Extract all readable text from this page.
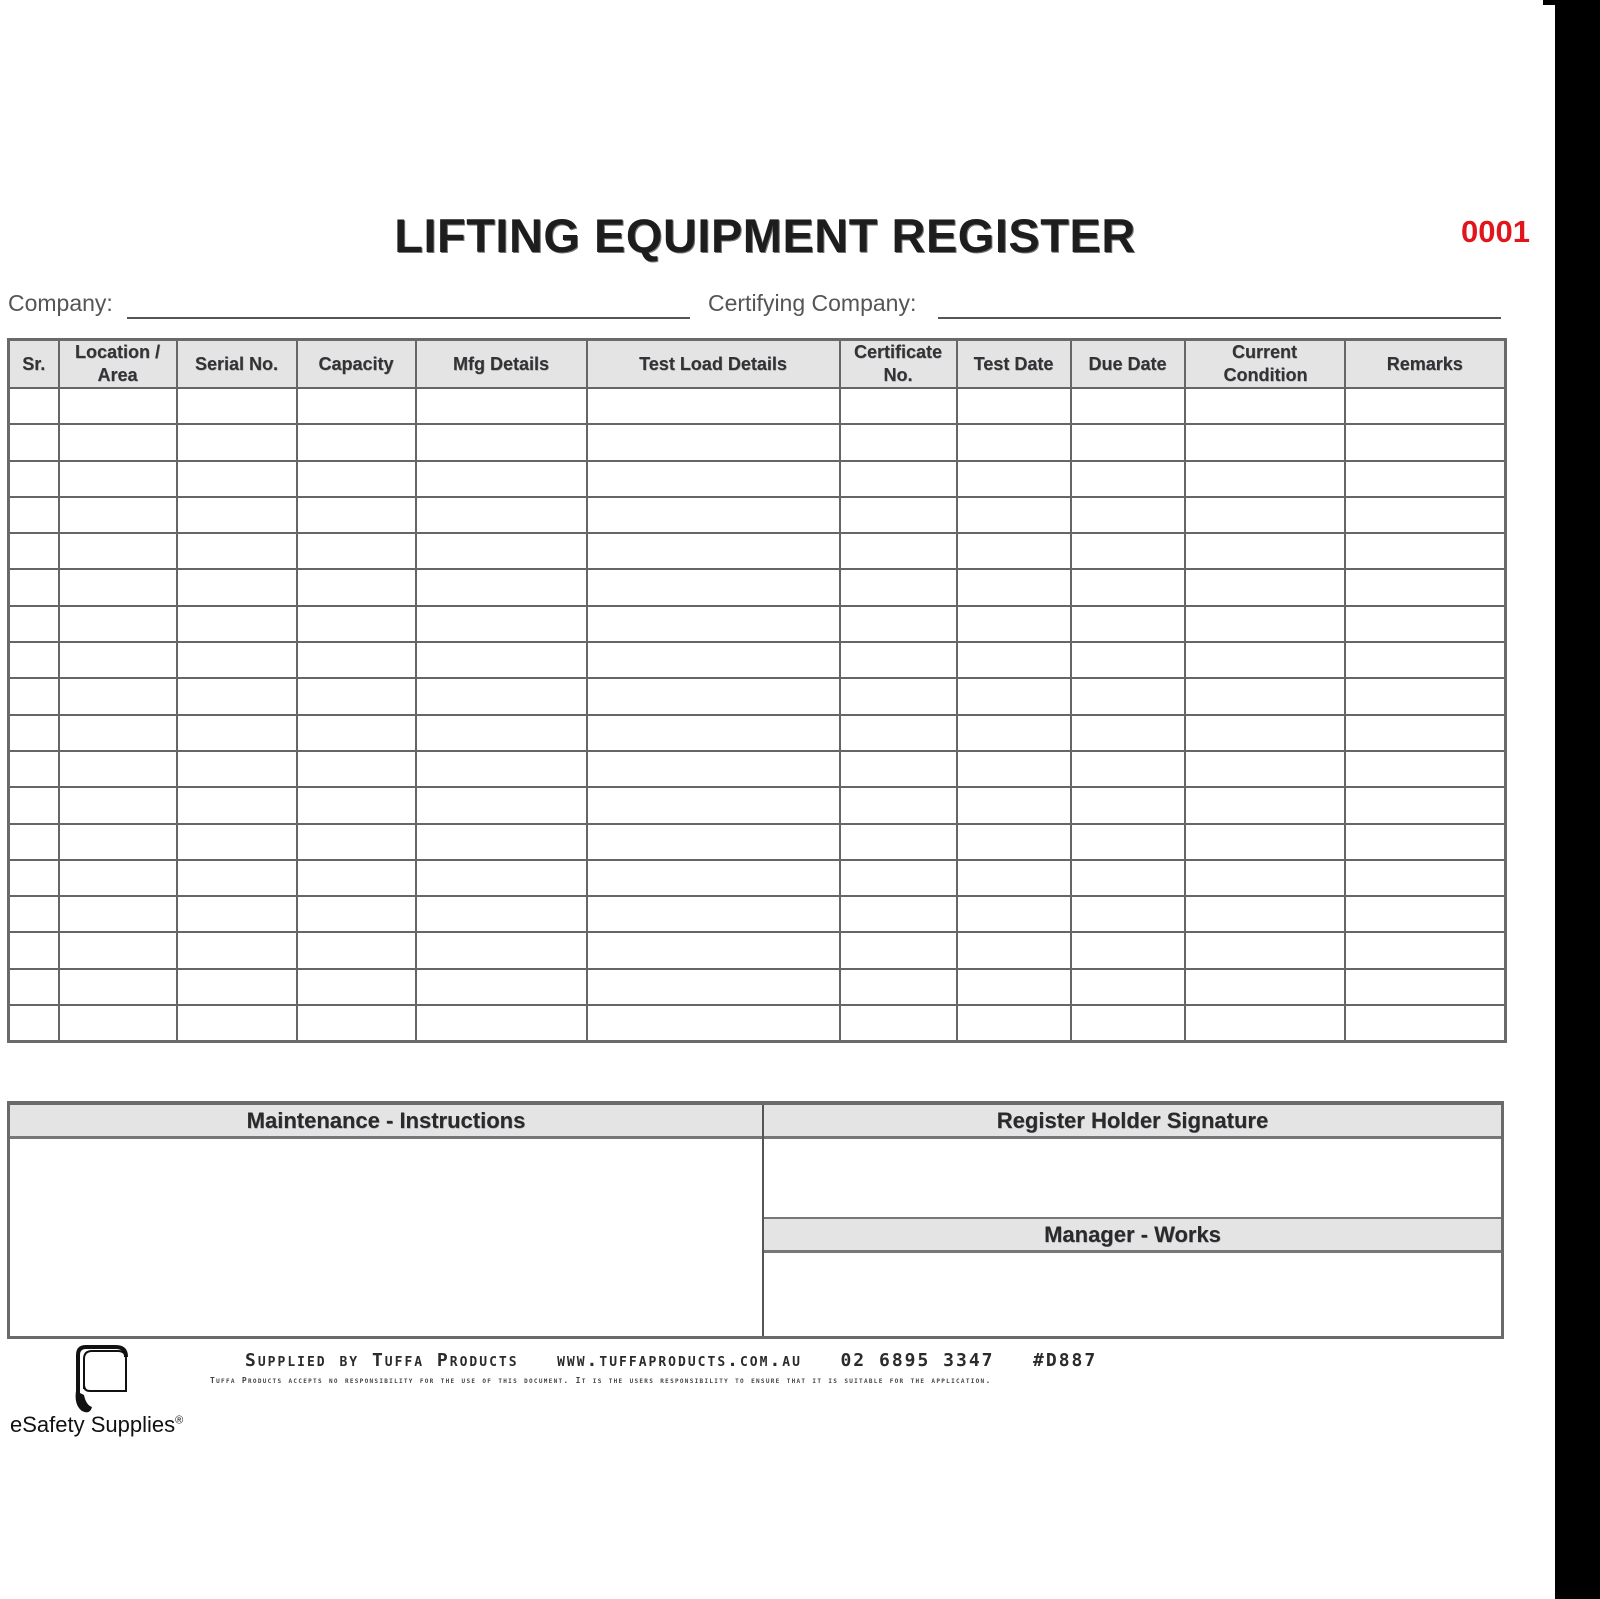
LIFTING EQUIPMENT REGISTER	0001
Company:	Certifying Company:
Sr.	Location / Area	Serial No.	Capacity	Mfg Details	Test Load Details	Certificate No.	Test Date	Due Date	Current Condition	Remarks

Maintenance - Instructions	Register Holder Signature
Manager - Works
eSafety Supplies®
Supplied by Tuffa Products www.tuffaproducts.com.au 02 6895 3347 #D887
Tuffa Products accepts no responsibility for the use of this document. It is the users responsibility to ensure that it is suitable for the application.
